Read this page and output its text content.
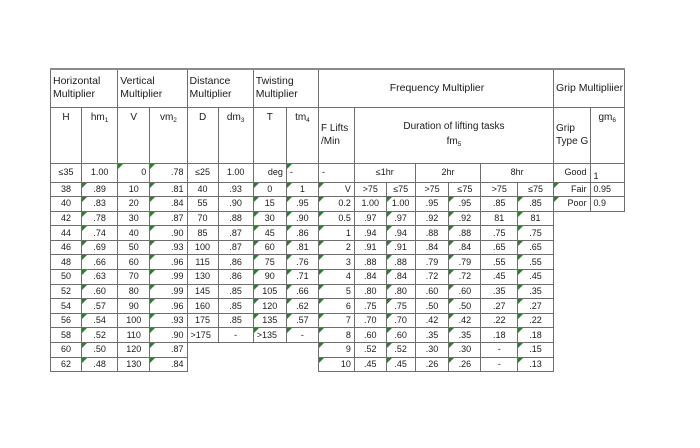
Horizontal Multiplier		Vertical Multiplier		Distance Multiplier		Twisting Multiplier	
H	$hm_1$	V	$vm_2$	D	$dm_3$	T	$tm_4$
≤35	1.00	0	.78	≤25	1.00	deg	-
38	.89	10	.81	40	.93	0	1
40	.83	20	.84	55	.90	15	.95
42	.78	30	.87	70	.88	30	.90
44	.74	40	.90	85	.87	45	.86
46	.69	50	.93	100	.87	60	.81
48	.66	60	.96	115	.86	75	.76
50	.63	70	.99	130	.86	90	.71
52	.60	80	.99	145	.85	105	.66
54	.57	90	.96	160	.85	120	.62
56	.54	100	.93	175	.85	135	.57
58	.52	110	.90	>175	-	>135	-
60	.50	120	.87				
62	.48	130	.84				
Frequency Multiplier						
F Lifts /Min	Duration of lifting tasks
$fm_5$

-	≤1hr		2hr		8hr	
V	>75	≤75	>75	≤75	>75	≤75
0.2	1.00	1.00	.95	.95	.85	.85
0.5	.97	.97	.92	.92	81	81
1	.94	.94	.88	.88	.75	.75
2	.91	.91	.84	.84	.65	.65
3	.88	.88	.79	.79	.55	.55
4	.84	.84	.72	.72	.45	.45
5	.80	.80	.60	.60	.35	.35
6	.75	.75	.50	.50	.27	.27
7	.70	.70	.42	.42	.22	.22
8	.60	.60	.35	.35	.18	.18
9	.52	.52	.30	.30	-	.15
10	.45	.45	.26	.26	-	.13
Grip Multipliier	
Grip Type G	$gm_6$
Good	1
Fair	0.95
Poor	0.9
